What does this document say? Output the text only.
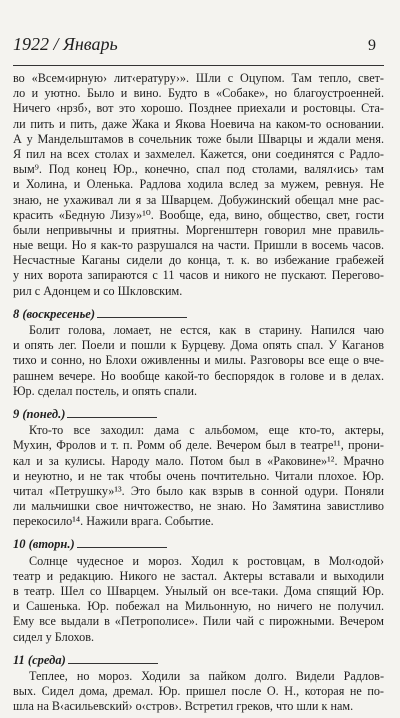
1922 / Январь	9
во «Всем‹ирную› лит‹ературу›». Шли с Оцупом. Там тепло, свет-
ло и уютно. Было и вино. Будто в «Собаке», но благоустроенней.
Ничего ‹нрзб›, вот это хорошо. Позднее приехали и ростовцы. Ста-
ли пить и пить, даже Жака и Якова Ноевича на каком-то основании.
А у Мандельштамов в сочельник тоже были Шварцы и ждали меня.
Я пил на всех столах и захмелел. Кажется, они соединятся с Радло-
вым⁹. Под конец Юр., конечно, спал под столами, валял‹ись› там
и Холина, и Оленька. Радлова ходила вслед за мужем, ревнуя. Не
знаю, не ухаживал ли я за Шварцем. Добужинский обещал мне рас-
красить «Бедную Лизу»¹⁰. Вообще, еда, вино, общество, свет, гости
были непривычны и приятны. Моргенштерн говорил мне правиль-
ные вещи. Но я как-то разрушался на части. Пришли в восемь часов.
Несчастные Каганы сидели до конца, т. к. во избежание грабежей
у них ворота запираются с 11 часов и никого не пускают. Перегово-
рил с Адонцем и со Шкловским.
8 (воскресенье)
Болит голова, ломает, не естся, как в старину. Напился чаю
и опять лег. Поели и пошли к Бурцеву. Дома опять спал. У Каганов
тихо и сонно, но Блохи оживленны и милы. Разговоры все еще о вче-
рашнем вечере. Но вообще какой-то беспорядок в голове и в делах.
Юр. сделал постель, и опять спали.
9 (понед.)
Кто-то все заходил: дама с альбомом, еще кто-то, актеры,
Мухин, Фролов и т. п. Ромм об деле. Вечером был в театре¹¹, прони-
кал и за кулисы. Народу мало. Потом был в «Раковине»¹². Мрачно
и неуютно, и не так чтобы очень почтительно. Читали плохое. Юр.
читал «Петрушку»¹³. Это было как взрыв в сонной одури. Поняли
ли мальчишки свое ничтожество, не знаю. Но Замятина завистливо
перекосило¹⁴. Нажили врага. Событие.
10 (вторн.)
Солнце чудесное и мороз. Ходил к ростовцам, в Мол‹одой›
театр и редакцию. Никого не застал. Актеры вставали и выходили
в театр. Шел со Шварцем. Унылый он все-таки. Дома спящий Юр.
и Сашенька. Юр. побежал на Мильонную, но ничего не получил.
Ему все выдали в «Петрополисе». Пили чай с пирожными. Вечером
сидел у Блохов.
11 (среда)
Теплее, но мороз. Ходили за пайком долго. Видели Радлов-
вых. Сидел дома, дремал. Юр. пришел после О. Н., которая не по-
шла на В‹асильевский› о‹стров›. Встретил греков, что шли к нам.
